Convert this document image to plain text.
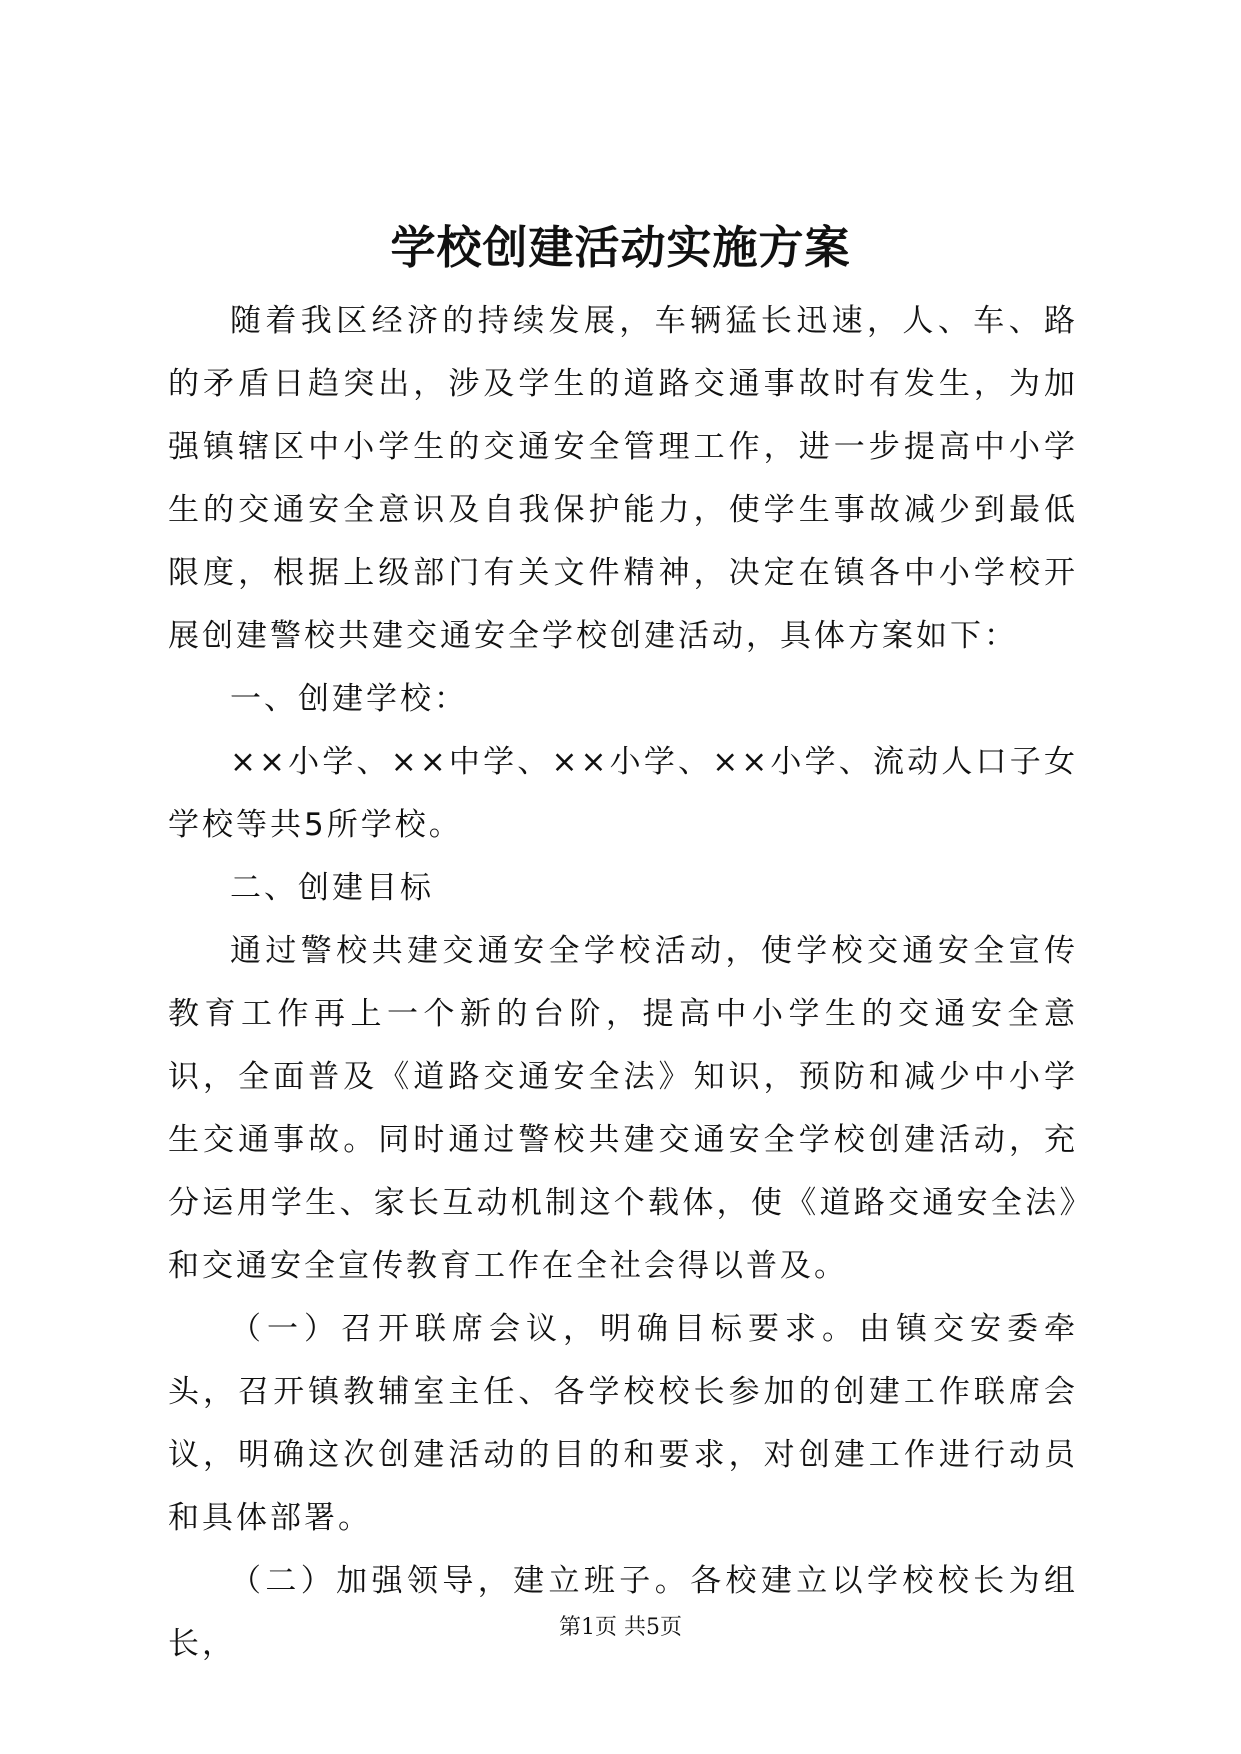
学校创建活动实施方案

随着我区经济的持续发展，车辆猛长迅速，人、车、路的矛盾日趋突出，涉及学生的道路交通事故时有发生，为加强镇辖区中小学生的交通安全管理工作，进一步提高中小学生的交通安全意识及自我保护能力，使学生事故减少到最低限度，根据上级部门有关文件精神，决定在镇各中小学校开展创建警校共建交通安全学校创建活动，具体方案如下：

一、创建学校：

××小学、××中学、××小学、××小学、流动人口子女学校等共5所学校。

二、创建目标

通过警校共建交通安全学校活动，使学校交通安全宣传教育工作再上一个新的台阶，提高中小学生的交通安全意识，全面普及《道路交通安全法》知识，预防和减少中小学生交通事故。同时通过警校共建交通安全学校创建活动，充分运用学生、家长互动机制这个载体，使《道路交通安全法》和交通安全宣传教育工作在全社会得以普及。

（一）召开联席会议，明确目标要求。由镇交安委牵头，召开镇教辅室主任、各学校校长参加的创建工作联席会议，明确这次创建活动的目的和要求，对创建工作进行动员和具体部署。

（二）加强领导，建立班子。各校建立以学校校长为组长，	第1页 共5页
